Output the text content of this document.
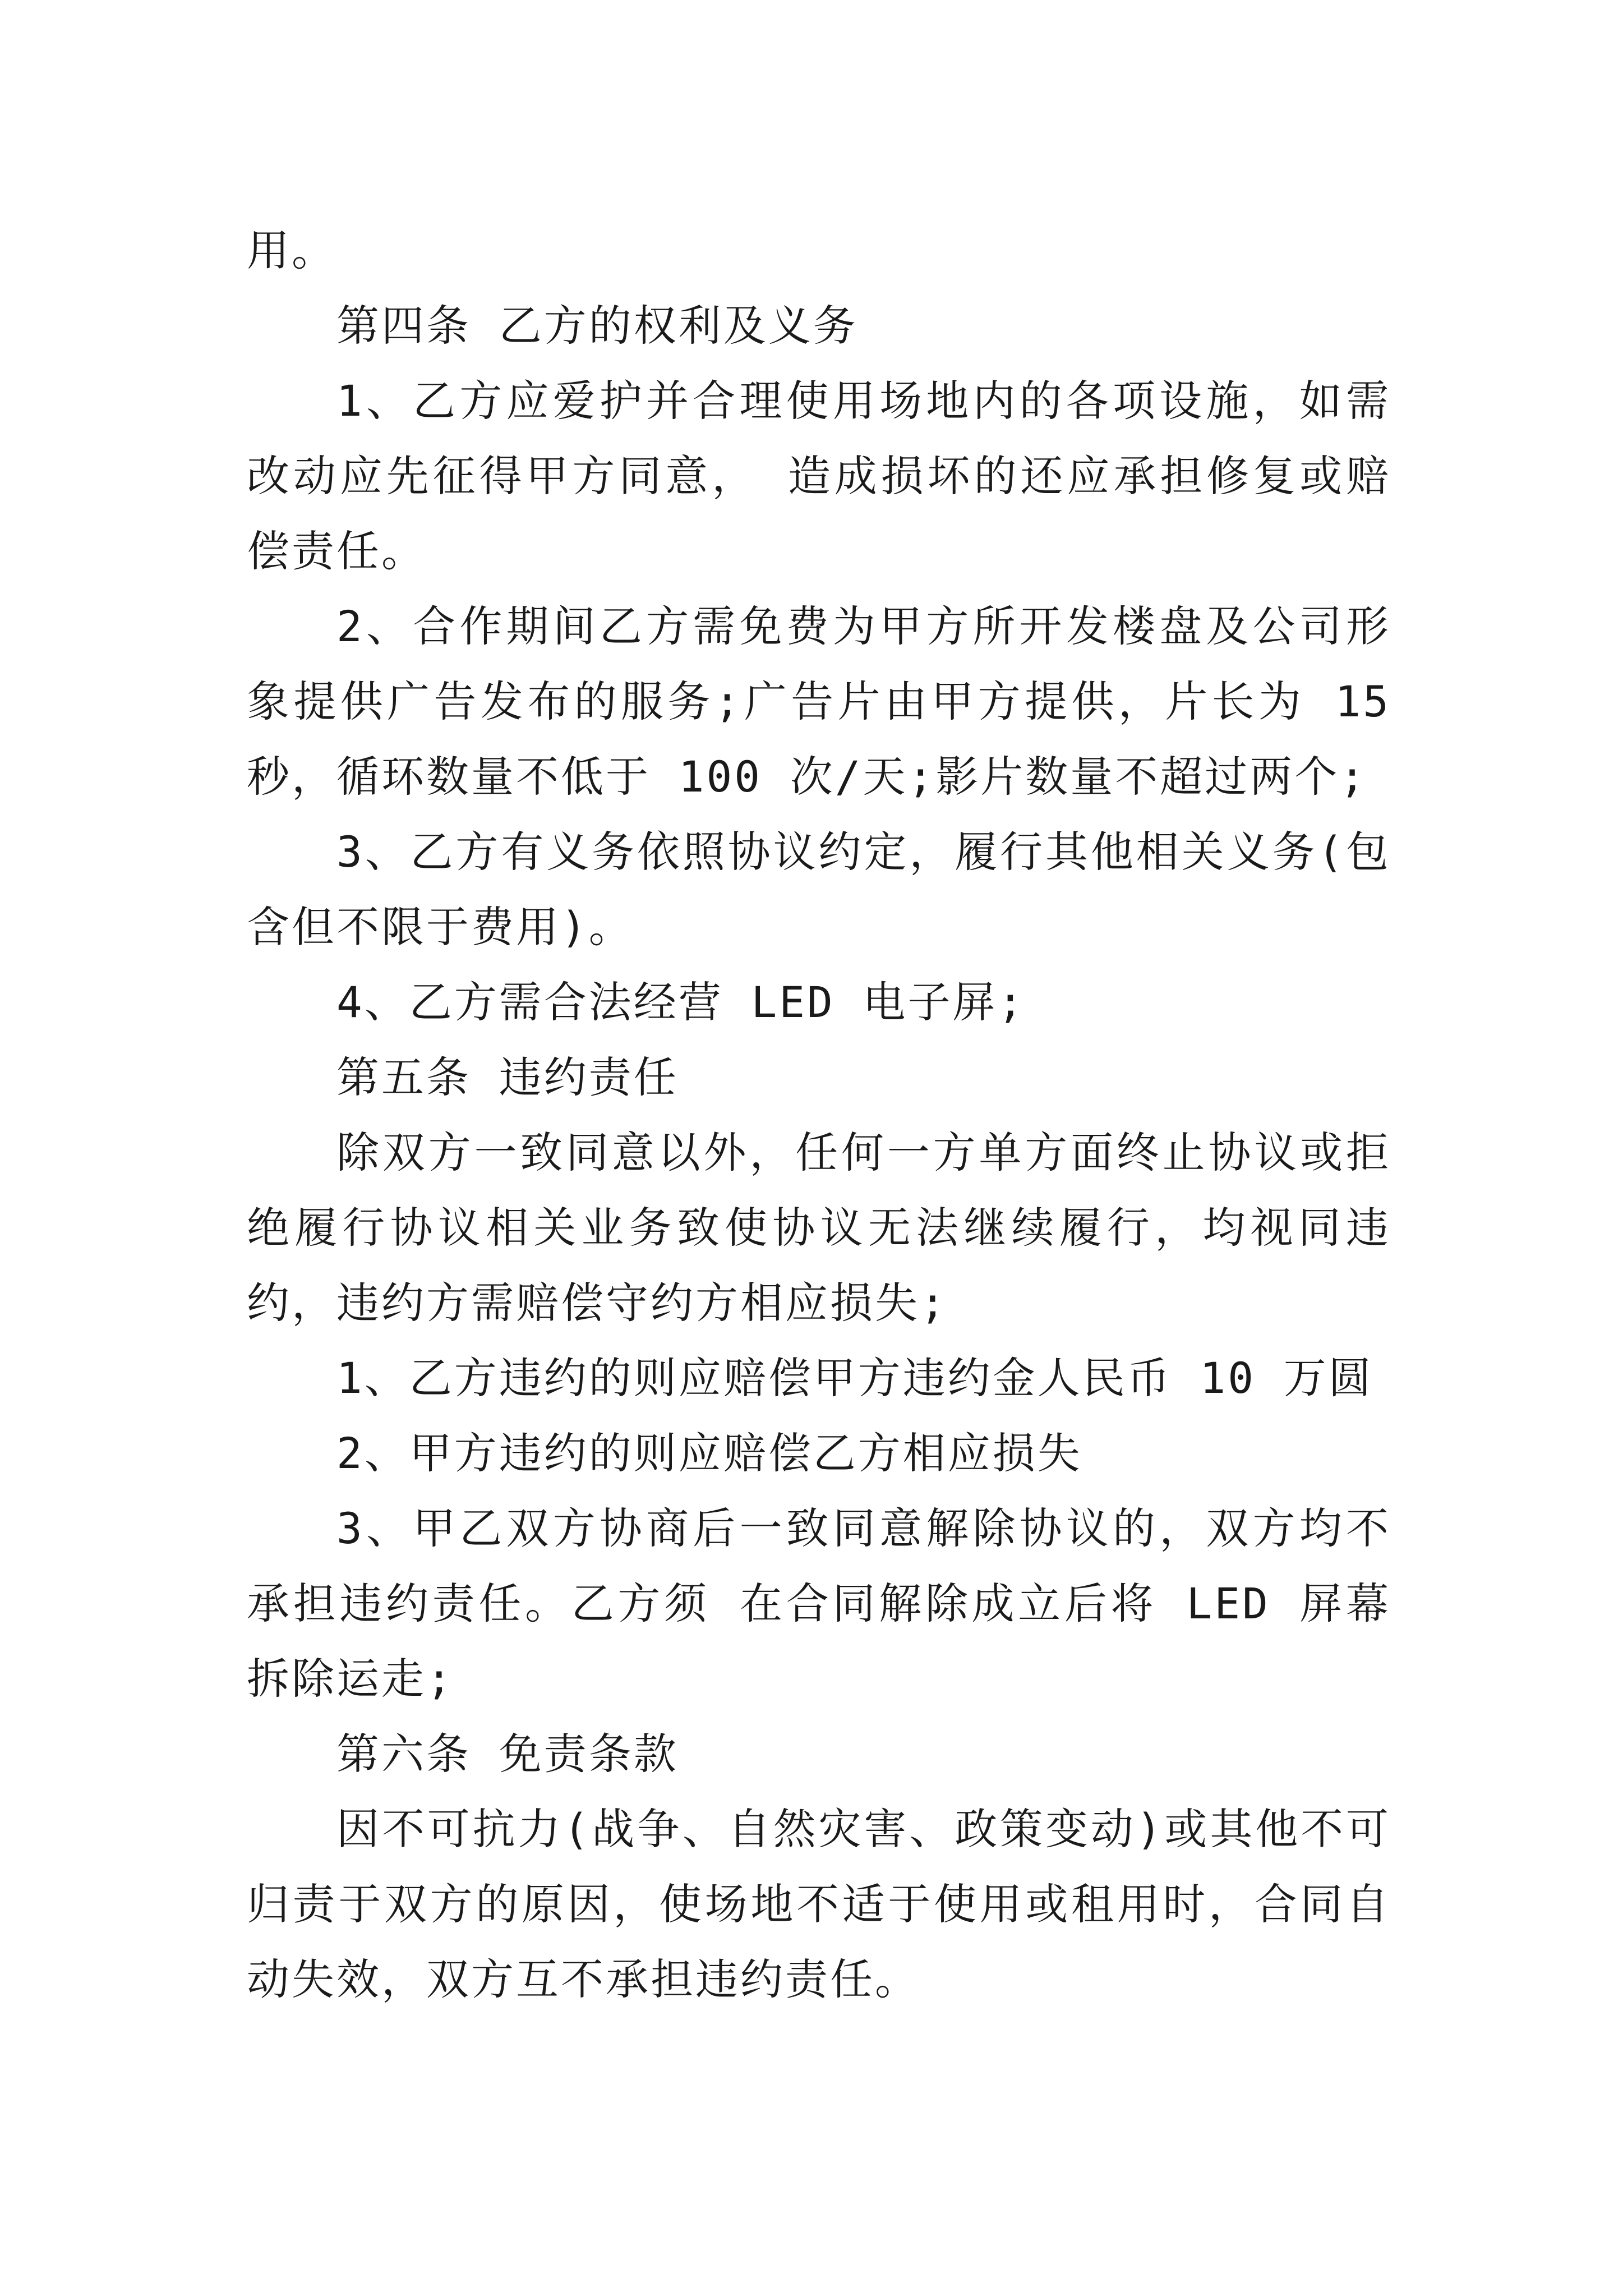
用。

第四条 乙方的权利及义务

1、乙方应爱护并合理使用场地内的各项设施，如需改动应先征得甲方同意， 造成损坏的还应承担修复或赔偿责任。

2、合作期间乙方需免费为甲方所开发楼盘及公司形象提供广告发布的服务;广告片由甲方提供，片长为 15 秒，循环数量不低于 100 次/天;影片数量不超过两个;

3、乙方有义务依照协议约定，履行其他相关义务(包含但不限于费用)。

4、乙方需合法经营 LED 电子屏;

第五条 违约责任

除双方一致同意以外，任何一方单方面终止协议或拒绝履行协议相关业务致使协议无法继续履行，均视同违约，违约方需赔偿守约方相应损失;

1、乙方违约的则应赔偿甲方违约金人民币 10 万圆

2、甲方违约的则应赔偿乙方相应损失

3、甲乙双方协商后一致同意解除协议的，双方均不承担违约责任。乙方须 在合同解除成立后将 LED 屏幕拆除运走;

第六条 免责条款

因不可抗力(战争、自然灾害、政策变动)或其他不可归责于双方的原因，使场地不适于使用或租用时，合同自动失效，双方互不承担违约责任。
